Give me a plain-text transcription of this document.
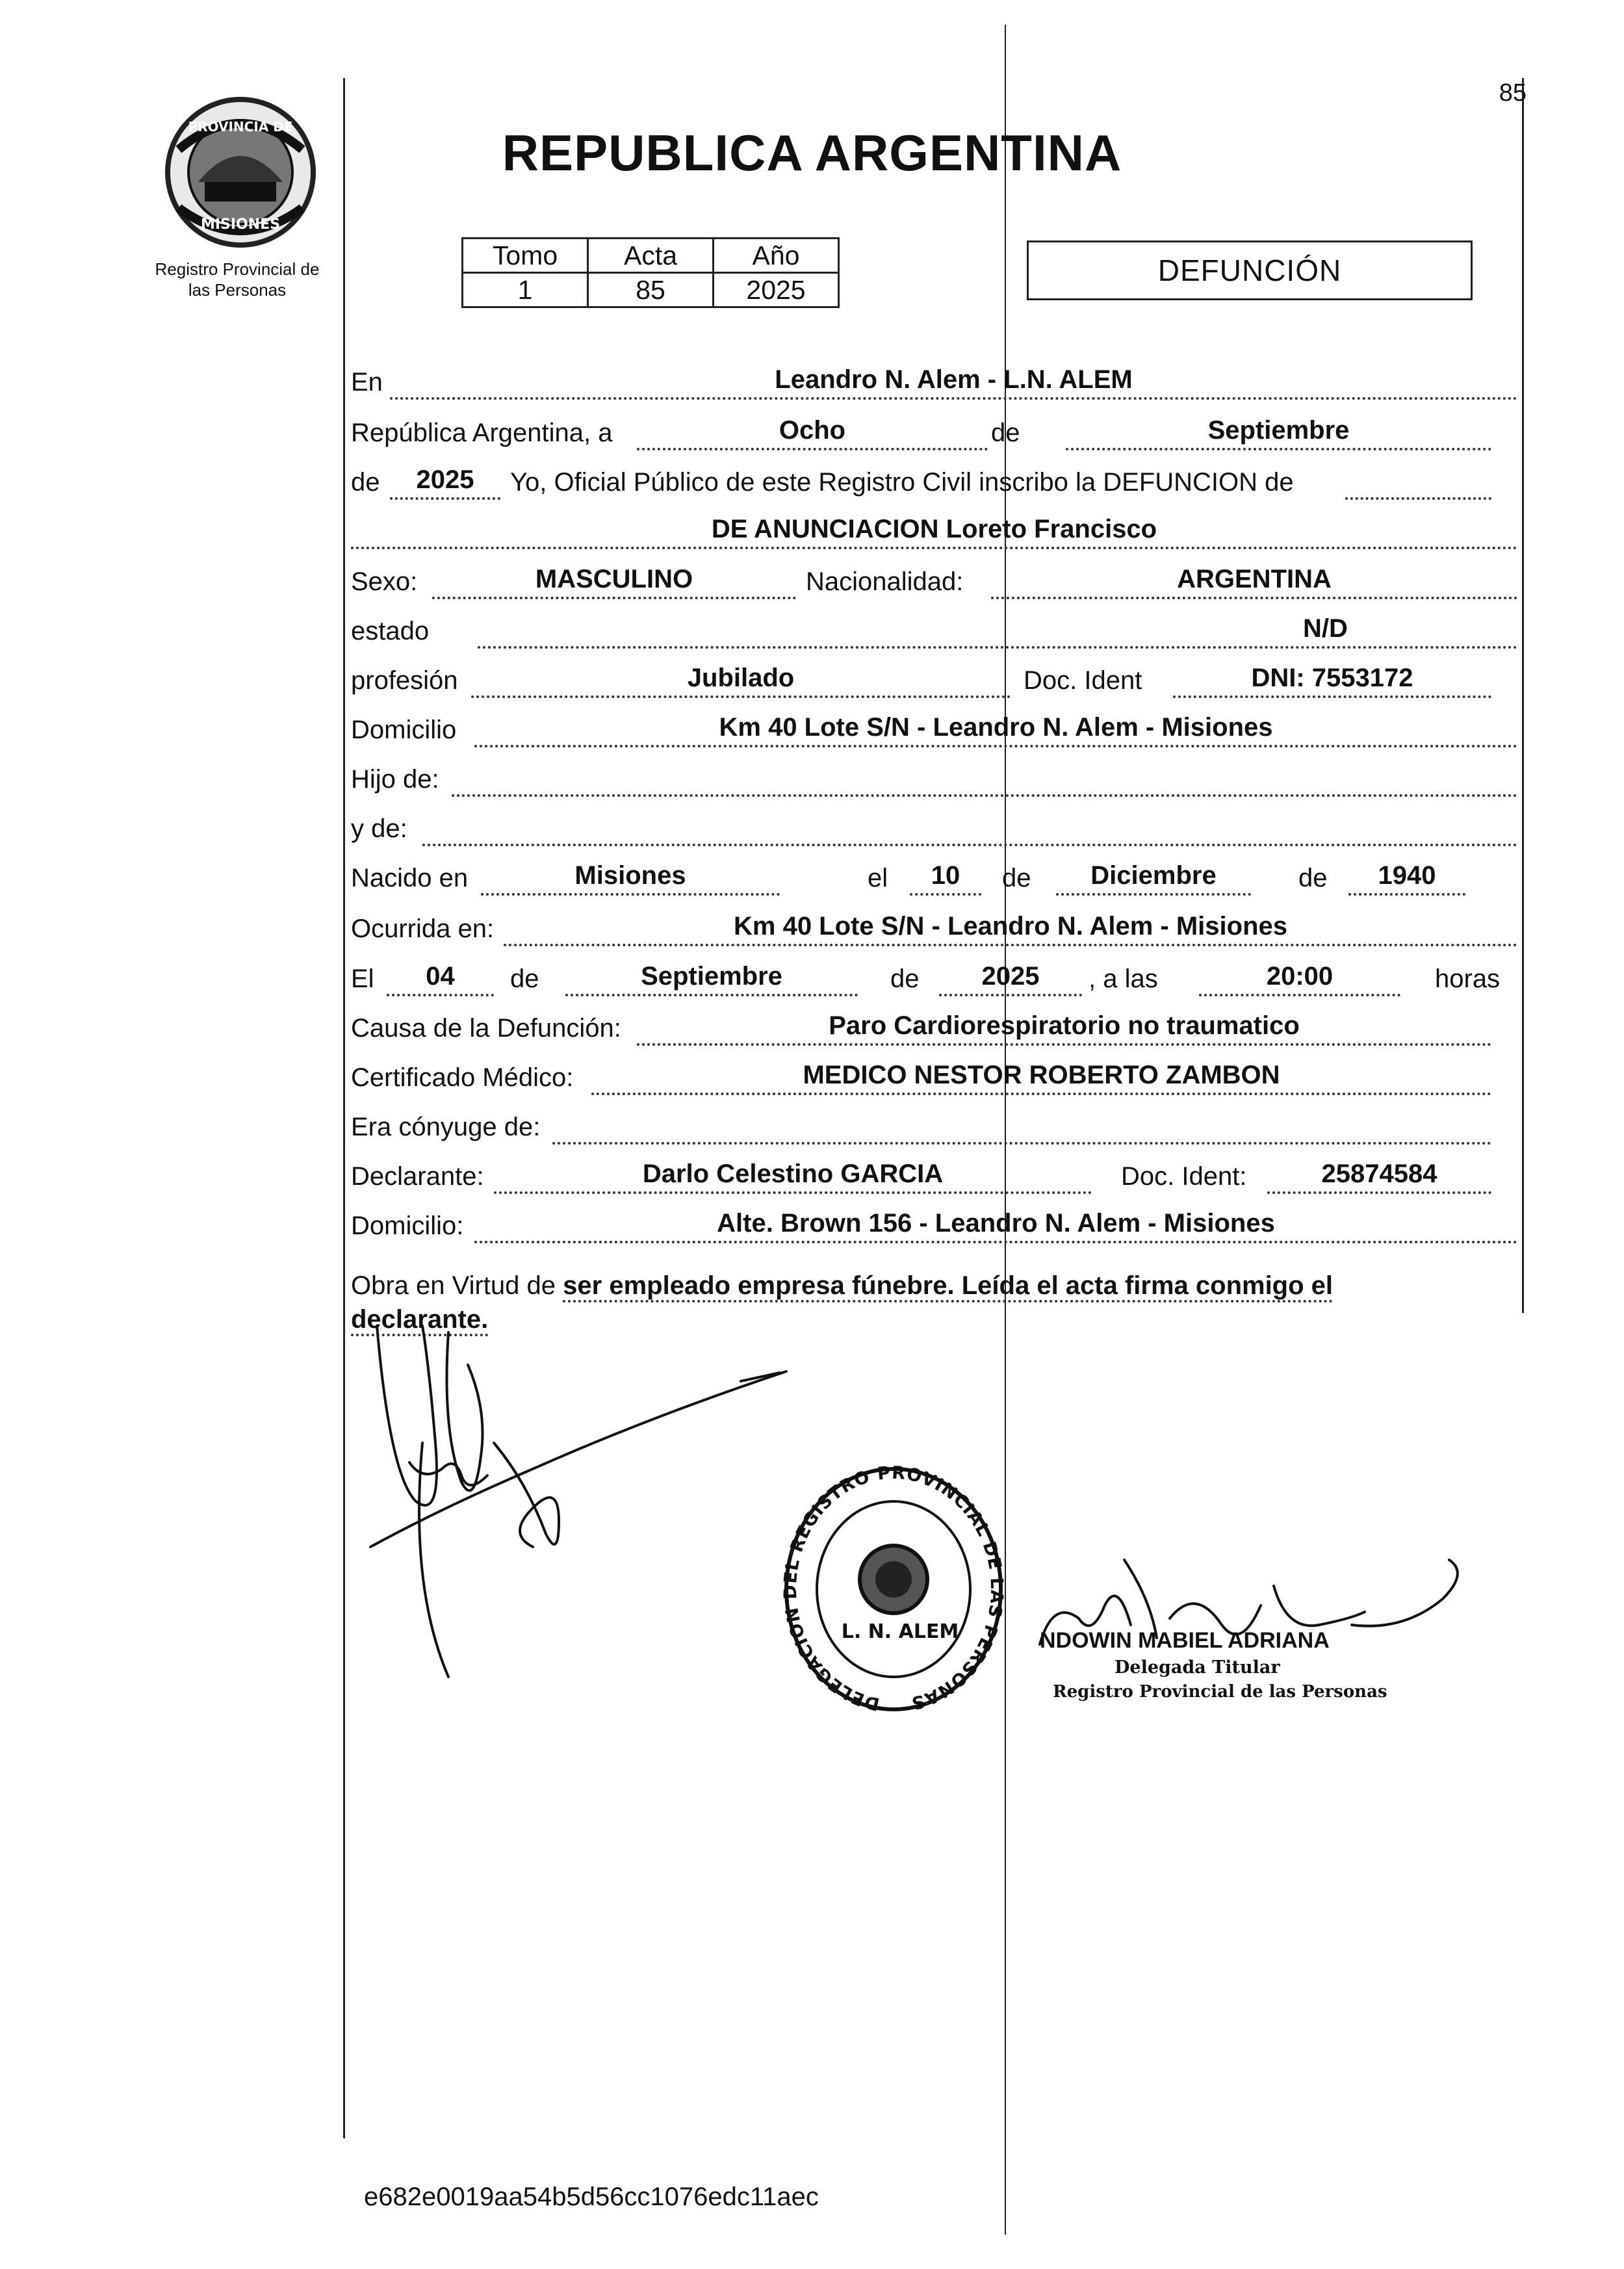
85
REPUBLICA ARGENTINA
PROVINCIA DE
MISIONES
Registro Provincial de
las Personas
Tomo	Acta	Año
1	85	2025
DEFUNCIÓN
En	Leandro N. Alem - L.N. ALEM
República Argentina, a	Ocho	de	Septiembre
de	2025	Yo, Oficial Público de este Registro Civil inscribo la DEFUNCION de
DE ANUNCIACION Loreto Francisco
Sexo:	MASCULINO	Nacionalidad:	ARGENTINA
estado	N/D
profesión	Jubilado	Doc. Ident	DNI: 7553172
Domicilio	Km 40 Lote S/N - Leandro N. Alem - Misiones
Hijo de:
y de:
Nacido en	Misiones	el	10	de	Diciembre	de	1940
Ocurrida en:	Km 40 Lote S/N - Leandro N. Alem - Misiones
El	04	de	Septiembre	de	2025	, a las	20:00	horas
Causa de la Defunción:	Paro Cardiorespiratorio no traumatico
Certificado Médico:	MEDICO NESTOR ROBERTO ZAMBON
Era cónyuge de:
Declarante:	Darlo Celestino GARCIA	Doc. Ident:	25874584
Domicilio:	Alte. Brown 156 - Leandro N. Alem - Misiones
Obra en Virtud de ser empleado empresa fúnebre. Leída el acta firma conmigo el
declarante.
DELEGACION DEL REGISTRO PROVINCIAL DE LAS PERSONAS
L. N. ALEM	NDOWIN MABIEL ADRIANA
Delegada Titular
Registro Provincial de las Personas
e682e0019aa54b5d56cc1076edc11aec
